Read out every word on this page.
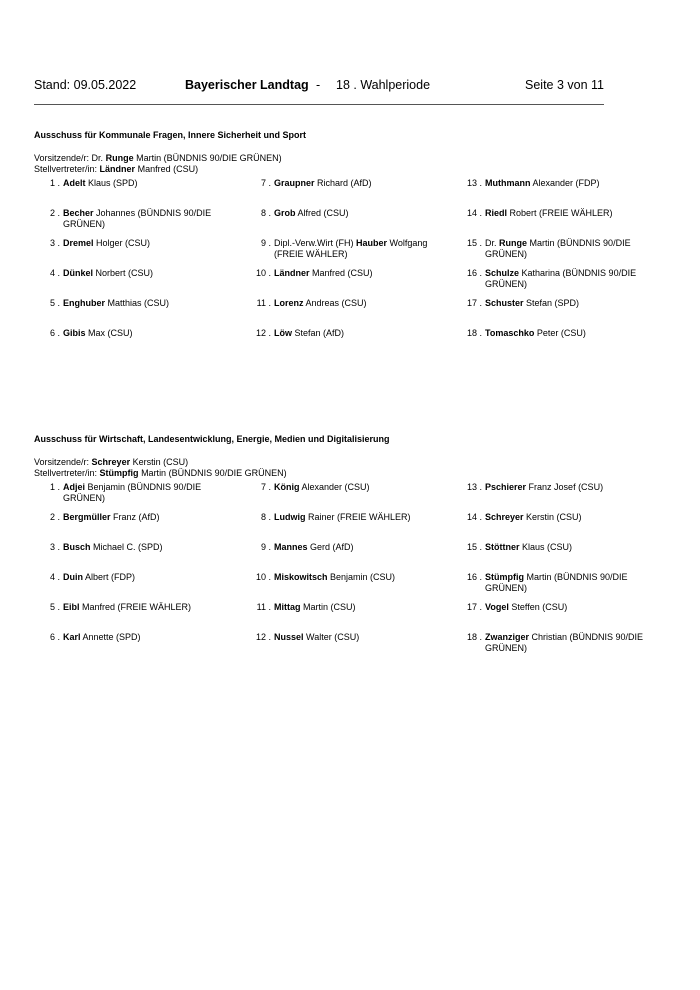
Stand: 09.05.2022	Bayerischer Landtag - 18 . Wahlperiode	Seite 3 von 11

Ausschuss für Kommunale Fragen, Innere Sicherheit und Sport

Vorsitzende/r: Dr. Runge Martin (BÜNDNIS 90/DIE GRÜNEN)
Stellvertreter/in: Ländner Manfred (CSU)
1 . Adelt Klaus (SPD)
2 . Becher Johannes (BÜNDNIS 90/DIE GRÜNEN)
3 . Dremel Holger (CSU)
4 . Dünkel Norbert (CSU)
5 . Enghuber Matthias (CSU)
6 . Gibis Max (CSU)
7 . Graupner Richard (AfD)
8 . Grob Alfred (CSU)
9 . Dipl.-Verw.Wirt (FH) Hauber Wolfgang (FREIE WÄHLER)
10 . Ländner Manfred (CSU)
11 . Lorenz Andreas (CSU)
12 . Löw Stefan (AfD)
13 . Muthmann Alexander (FDP)
14 . Riedl Robert (FREIE WÄHLER)
15 . Dr. Runge Martin (BÜNDNIS 90/DIE GRÜNEN)
16 . Schulze Katharina (BÜNDNIS 90/DIE GRÜNEN)
17 . Schuster Stefan (SPD)
18 . Tomaschko Peter (CSU)

Ausschuss für Wirtschaft, Landesentwicklung, Energie, Medien und Digitalisierung

Vorsitzende/r: Schreyer Kerstin (CSU)
Stellvertreter/in: Stümpfig Martin (BÜNDNIS 90/DIE GRÜNEN)
1 . Adjei Benjamin (BÜNDNIS 90/DIE GRÜNEN)
2 . Bergmüller Franz (AfD)
3 . Busch Michael C. (SPD)
4 . Duin Albert (FDP)
5 . Eibl Manfred (FREIE WÄHLER)
6 . Karl Annette (SPD)
7 . König Alexander (CSU)
8 . Ludwig Rainer (FREIE WÄHLER)
9 . Mannes Gerd (AfD)
10 . Miskowitsch Benjamin (CSU)
11 . Mittag Martin (CSU)
12 . Nussel Walter (CSU)
13 . Pschierer Franz Josef (CSU)
14 . Schreyer Kerstin (CSU)
15 . Stöttner Klaus (CSU)
16 . Stümpfig Martin (BÜNDNIS 90/DIE GRÜNEN)
17 . Vogel Steffen (CSU)
18 . Zwanziger Christian (BÜNDNIS 90/DIE GRÜNEN)
